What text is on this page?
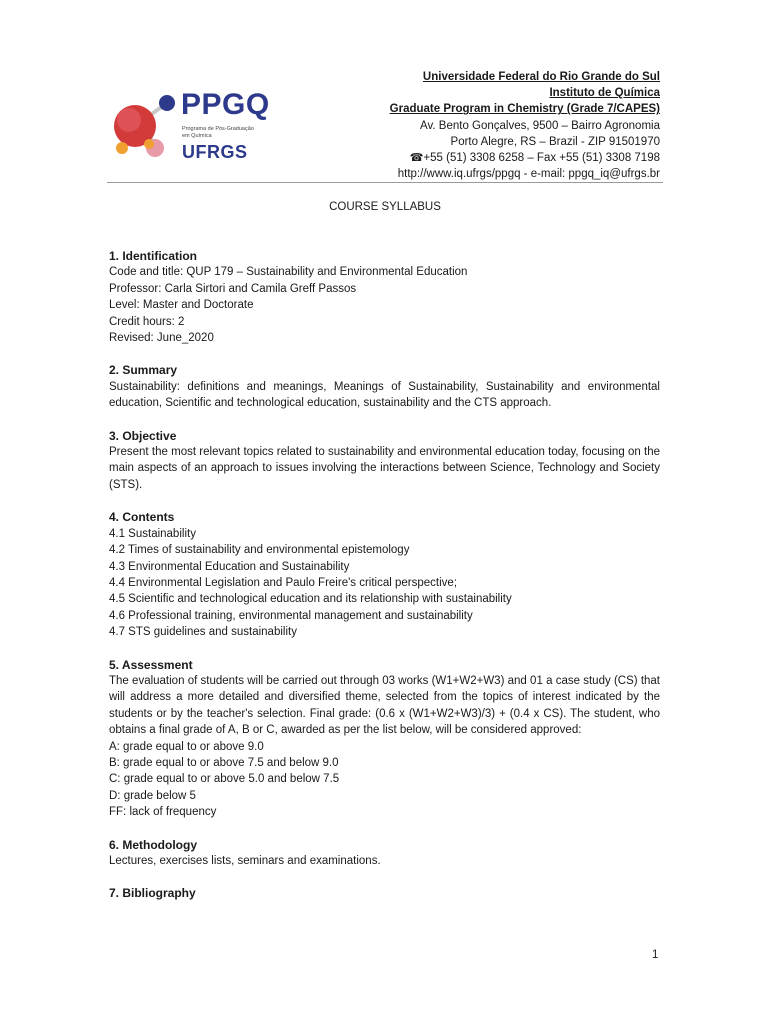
PPGQ
Programa de Pós-Graduação em Química
UFRGS
Universidade Federal do Rio Grande do Sul
Instituto de Química
Graduate Program in Chemistry (Grade 7/CAPES)
Av. Bento Gonçalves, 9500 – Bairro Agronomia
Porto Alegre, RS – Brazil - ZIP 91501970
☎+55 (51) 3308 6258 – Fax +55 (51) 3308 7198
http://www.iq.ufrgs/ppgq - e-mail: ppgq_iq@ufrgs.br
COURSE SYLLABUS
1. Identification
Code and title: QUP 179 – Sustainability and Environmental Education
Professor: Carla Sirtori and Camila Greff Passos
Level: Master and Doctorate
Credit hours: 2
Revised: June_2020
2. Summary

Sustainability: definitions and meanings, Meanings of Sustainability, Sustainability and environmental education, Scientific and technological education, sustainability and the CTS approach.

3. Objective

Present the most relevant topics related to sustainability and environmental education today, focusing on the main aspects of an approach to issues involving the interactions between Science, Technology and Society (STS).

4. Contents
4.1 Sustainability
4.2 Times of sustainability and environmental epistemology
4.3 Environmental Education and Sustainability
4.4 Environmental Legislation and Paulo Freire's critical perspective;
4.5 Scientific and technological education and its relationship with sustainability
4.6 Professional training, environmental management and sustainability
4.7 STS guidelines and sustainability
5. Assessment

The evaluation of students will be carried out through 03 works (W1+W2+W3) and 01 a case study (CS) that will address a more detailed and diversified theme, selected from the topics of interest indicated by the students or by the teacher's selection. Final grade: (0.6 x (W1+W2+W3)/3) + (0.4 x CS). The student, who obtains a final grade of A, B or C, awarded as per the list below, will be considered approved:

A: grade equal to or above 9.0
B: grade equal to or above 7.5 and below 9.0
C: grade equal to or above 5.0 and below 7.5
D: grade below 5
FF: lack of frequency
6. Methodology

Lectures, exercises lists, seminars and examinations.

7. Bibliography
1
